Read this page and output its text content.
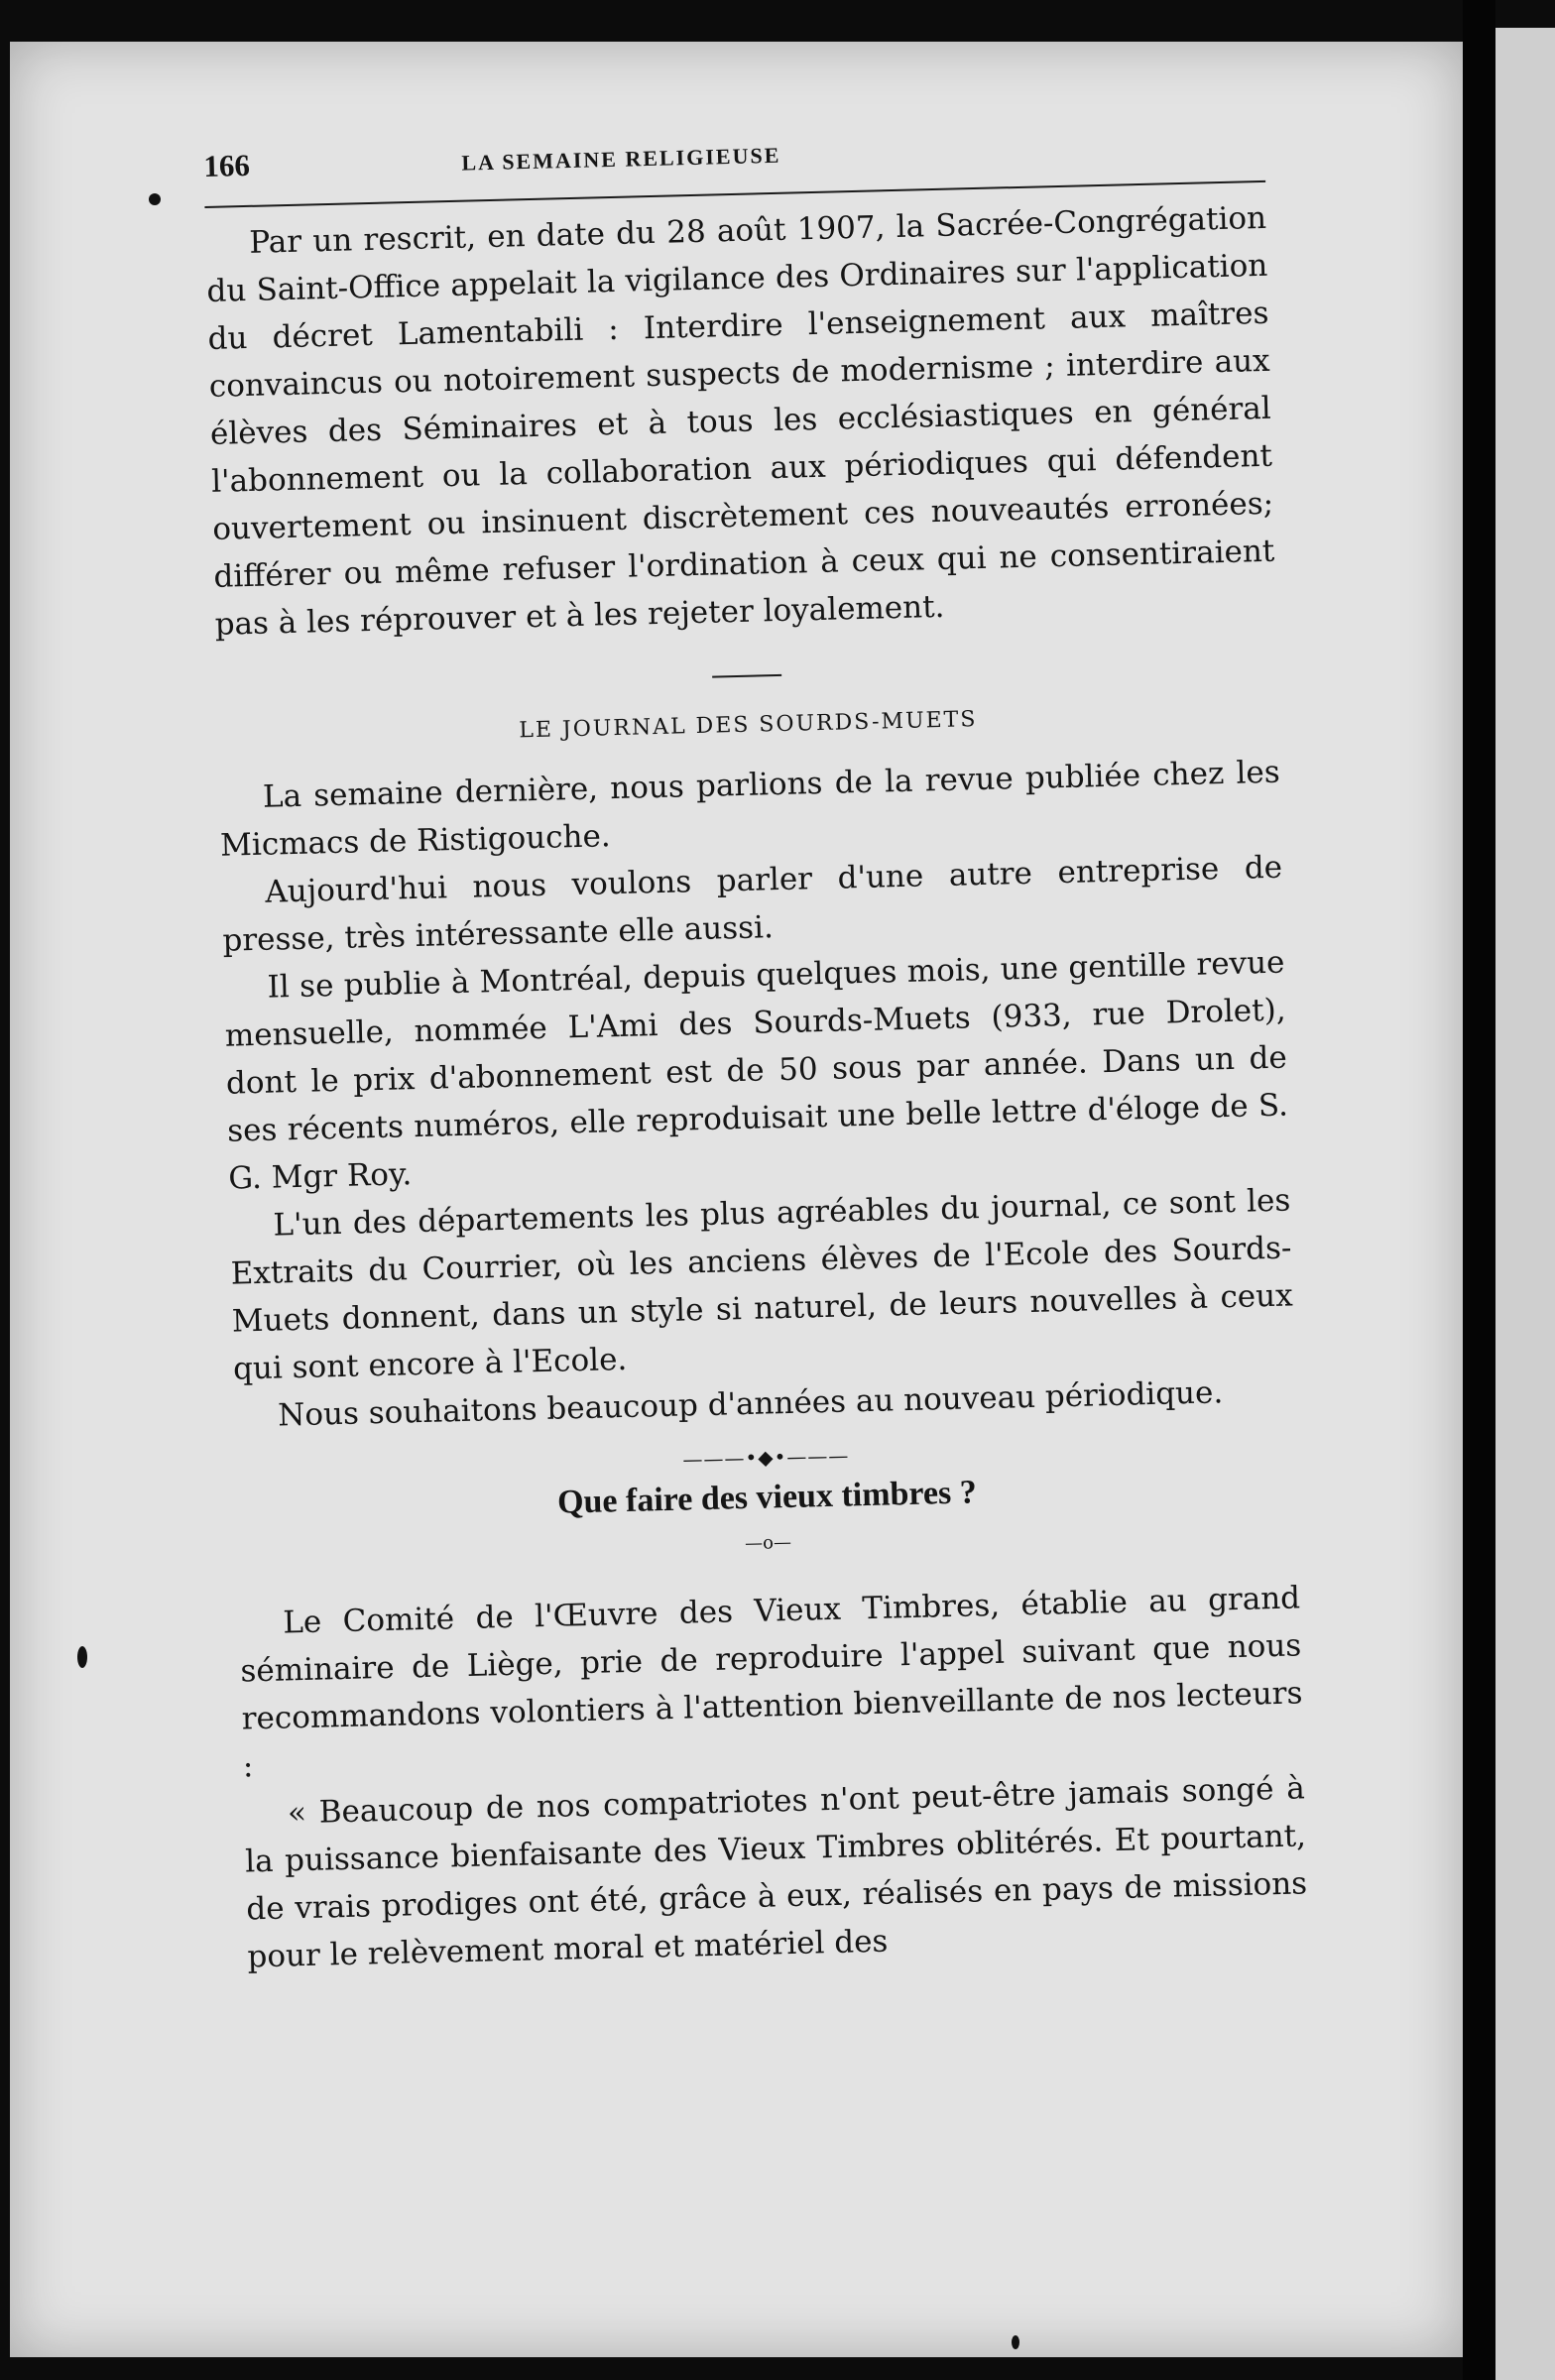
166	LA SEMAINE RELIGIEUSE

Par un rescrit, en date du 28 août 1907, la Sacrée-Congrégation du Saint-Office appelait la vigilance des Ordinaires sur l'application du décret Lamentabili : Interdire l'enseignement aux maîtres convaincus ou notoirement suspects de modernisme ; interdire aux élèves des Séminaires et à tous les ecclésiastiques en général l'abonnement ou la collaboration aux périodiques qui défendent ouvertement ou insinuent discrètement ces nouveautés erronées; différer ou même refuser l'ordination à ceux qui ne consentiraient pas à les réprouver et à les rejeter loyalement.

LE JOURNAL DES SOURDS-MUETS

La semaine dernière, nous parlions de la revue publiée chez les Micmacs de Ristigouche.

Aujourd'hui nous voulons parler d'une autre entreprise de presse, très intéressante elle aussi.

Il se publie à Montréal, depuis quelques mois, une gentille revue mensuelle, nommée L'Ami des Sourds-Muets (933, rue Drolet), dont le prix d'abonnement est de 50 sous par année. Dans un de ses récents numéros, elle reproduisait une belle lettre d'éloge de S. G. Mgr Roy.

L'un des départements les plus agréables du journal, ce sont les Extraits du Courrier, où les anciens élèves de l'Ecole des Sourds-Muets donnent, dans un style si naturel, de leurs nouvelles à ceux qui sont encore à l'Ecole.

Nous souhaitons beaucoup d'années au nouveau périodique.

———•◆•———

Que faire des vieux timbres ?

—o—

Le Comité de l'Œuvre des Vieux Timbres, établie au grand séminaire de Liège, prie de reproduire l'appel suivant que nous recommandons volontiers à l'attention bienveillante de nos lecteurs :

« Beaucoup de nos compatriotes n'ont peut-être jamais songé à la puissance bienfaisante des Vieux Timbres oblitérés. Et pourtant, de vrais prodiges ont été, grâce à eux, réalisés en pays de missions pour le relèvement moral et matériel des
